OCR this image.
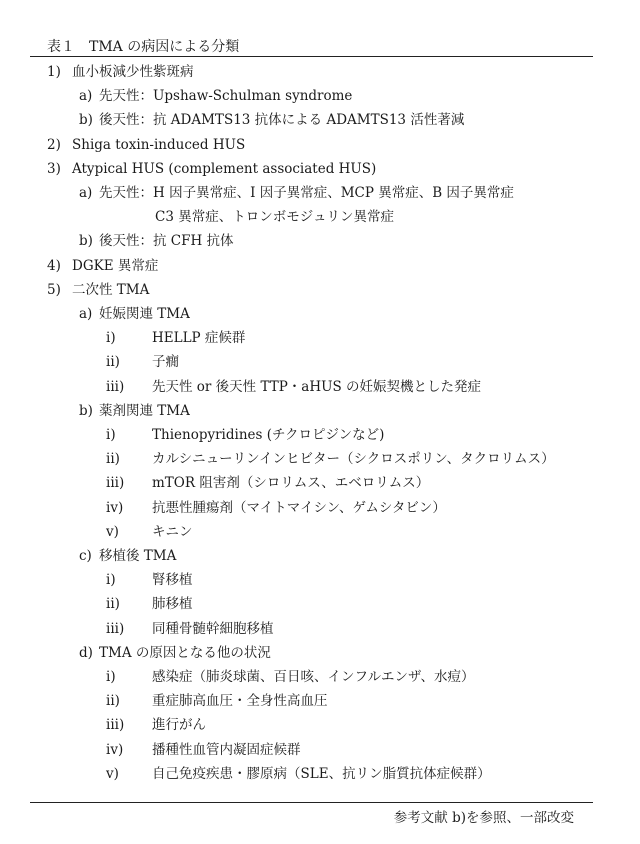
表１　TMA の病因による分類
1) 血小板減少性紫斑病
a) 先天性：Upshaw-Schulman syndrome
b) 後天性：抗 ADAMTS13 抗体による ADAMTS13 活性著減
2) Shiga toxin-induced HUS
3) Atypical HUS (complement associated HUS)
a) 先天性：H 因子異常症、I 因子異常症、MCP 異常症、B 因子異常症
C3 異常症、トロンボモジュリン異常症
b) 後天性：抗 CFH 抗体
4) DGKE 異常症
5) 二次性 TMA
a) 妊娠関連 TMA
i)	HELLP 症候群
ii) 子癇
iii) 先天性 or 後天性 TTP・aHUS の妊娠契機とした発症
b) 薬剤関連 TMA
i)	Thienopyridines (チクロピジンなど)
ii) カルシニューリンインヒビター（シクロスポリン、タクロリムス）
iii) mTOR 阻害剤（シロリムス、エベロリムス）
iv) 抗悪性腫瘍剤（マイトマイシン、ゲムシタビン）
v) キニン
c) 移植後 TMA
i)	腎移植
ii) 肺移植
iii) 同種骨髄幹細胞移植
d) TMA の原因となる他の状況
i)	感染症（肺炎球菌、百日咳、インフルエンザ、水痘）
ii) 重症肺高血圧・全身性高血圧
iii) 進行がん
iv) 播種性血管内凝固症候群
v) 自己免疫疾患・膠原病（SLE、抗リン脂質抗体症候群）
参考文献 b)を参照、一部改変
